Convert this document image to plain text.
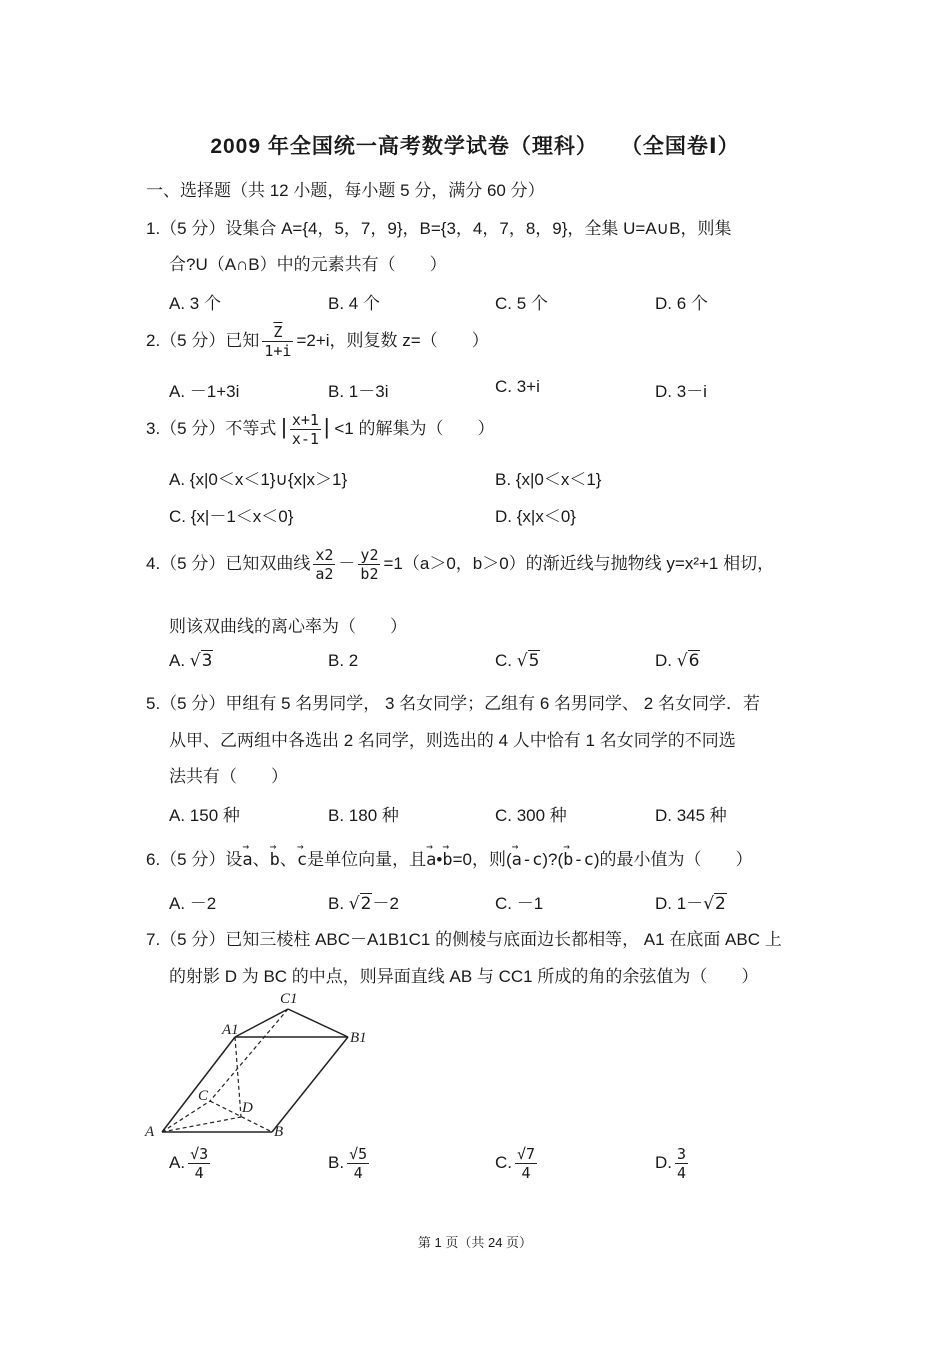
2009 年全国统一高考数学试卷（理科）　　（全国卷Ⅰ）
一、选择题（共 12 小题，每小题 5 分，满分 60 分）
1.（5 分）设集合 A={4，5，7，9}，B={3，4，7，8，9}，全集 U=A∪B，则集
合?U（A∩B）中的元素共有（　　）
A. 3 个	B. 4 个	C. 5 个	D. 6 个
2.（5 分）已知 $\frac{\overline{Z}}{1+i} =2+i$，则复数 z=（　　）
A. －1+3i	B. 1－3i	C. 3+i	D. 3－i
3.（5 分）不等式 | $\frac{x+1}{x-1}$ | <1 的解集为（　　）
A. {x|0＜x＜1}∪{x|x＞1}	B. {x|0＜x＜1}
C. {x|－1＜x＜0}	D. {x|x＜0}
4.（5 分）已知双曲线 $\frac{x2}{a2} - \frac{y2}{b2} =1(a>0$，b＞0）的渐近线与抛物线 y=x²+1 相切，
则该双曲线的离心率为（　　）
A. √3	B. 2	C. √5	D. √6
5.（5 分）甲组有 5 名男同学， 3 名女同学；乙组有 6 名男同学、 2 名女同学．若
从甲、乙两组中各选出 2 名同学，则选出的 4 人中恰有 1 名女同学的不同选
法共有（　　）
A. 150 种	B. 180 种	C. 300 种	D. 345 种
6.（5 分）设→ a、→ b、→ c是单位向量，且→ a•→ b=0，则(→ a-c)?(→ b-c)的最小值为（　　）
A. －2	B. √2－2	C. －1	D. 1－√2
7.（5 分）已知三棱柱 ABC－A1B1C1 的侧棱与底面边长都相等， A1 在底面 ABC 上
的射影 D 为 BC 的中点，则异面直线 AB 与 CC1 所成的角的余弦值为（　　）
C1
A1	B1
C
D
A	B
A. $\frac{√3}{4}$	B. $\frac{√5}{4}$	C. $\frac{√7}{4}$	D. $\frac{3}{4}$
第 1 页（共 24 页）
